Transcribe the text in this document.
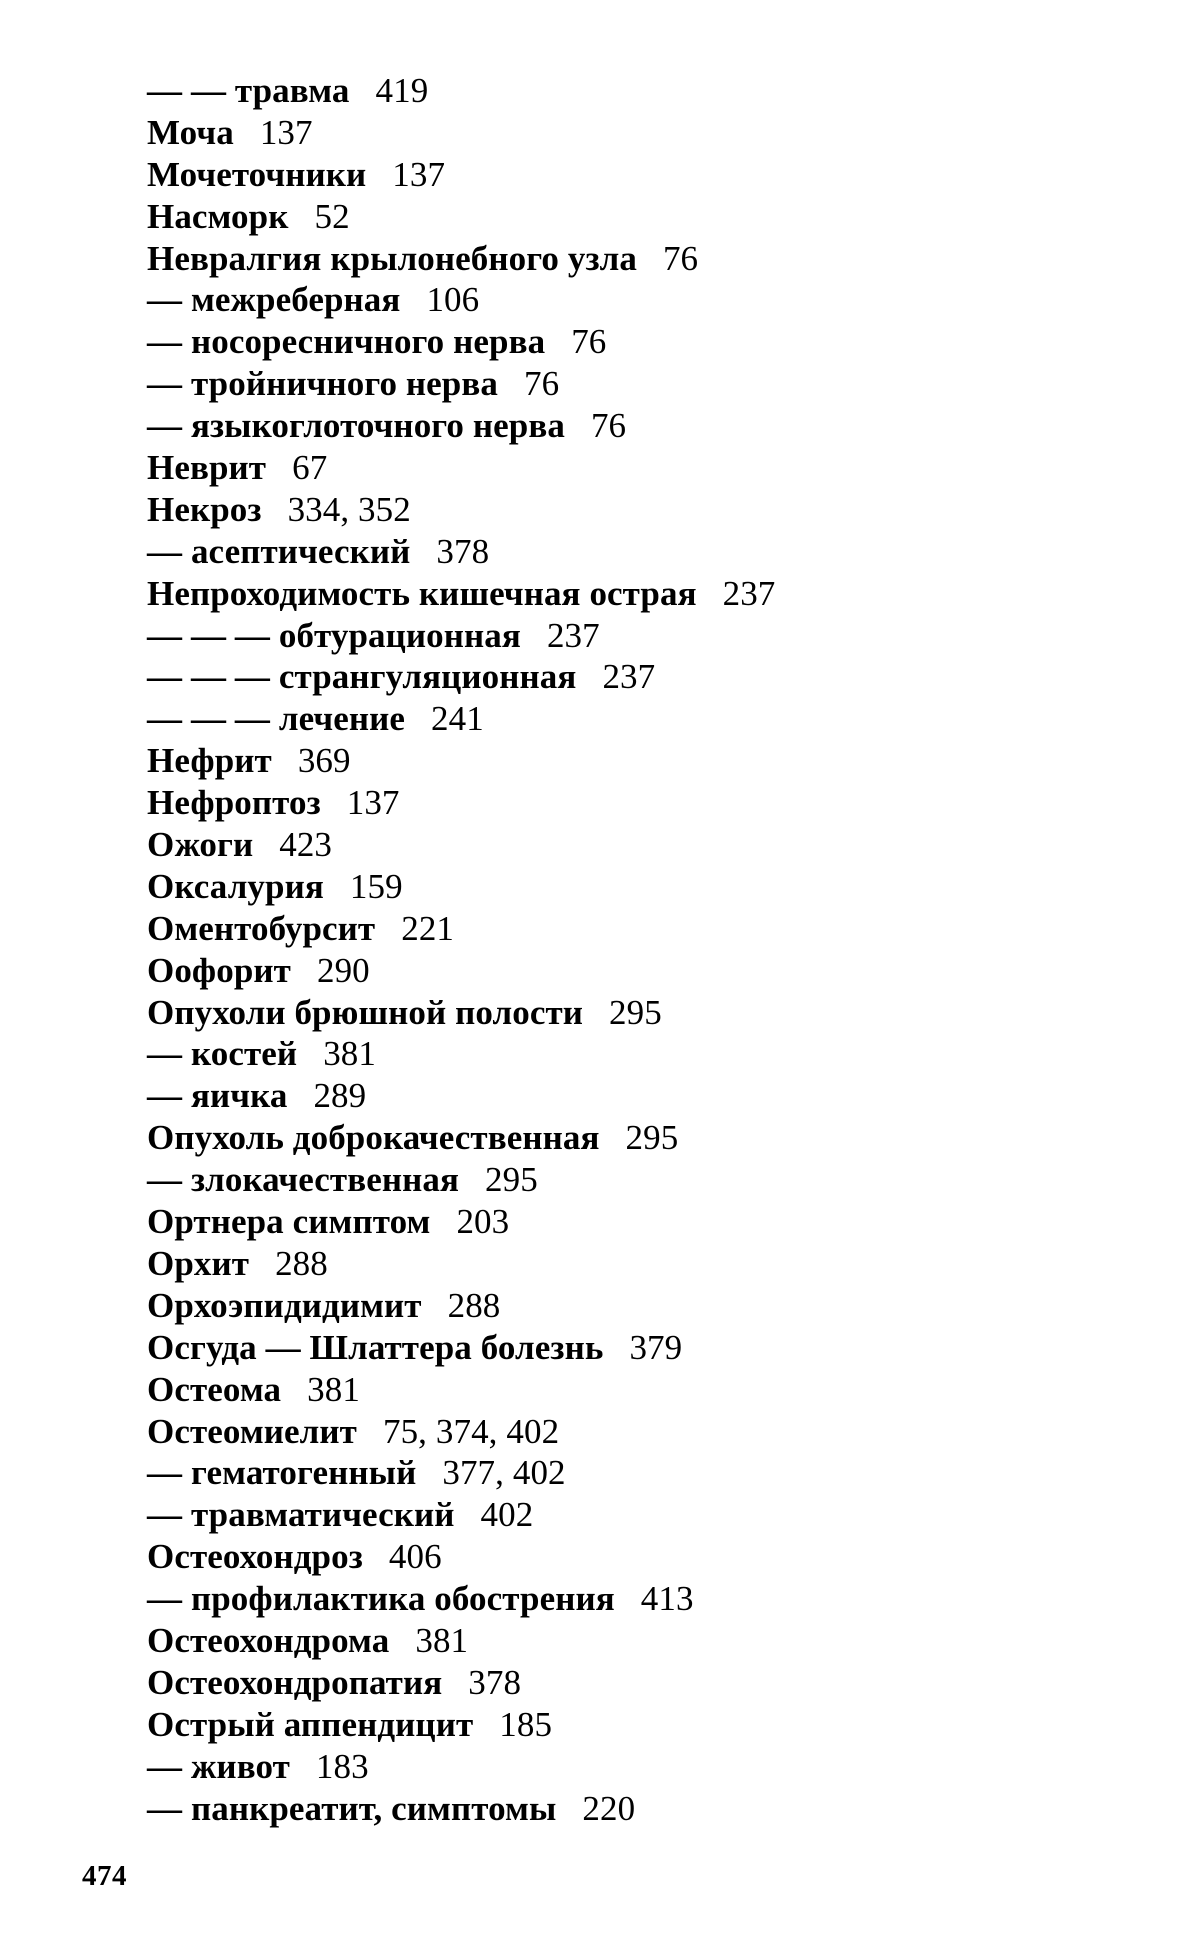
— — травма 419
Моча 137
Мочеточники 137
Насморк 52
Невралгия крылонебного узла 76
— межреберная 106
— носоресничного нерва 76
— тройничного нерва 76
— языкоглоточного нерва 76
Неврит 67
Некроз 334, 352
— асептический 378
Непроходимость кишечная острая 237
— — — обтурационная 237
— — — странгуляционная 237
— — — лечение 241
Нефрит 369
Нефроптоз 137
Ожоги 423
Оксалурия 159
Оментобурсит 221
Оофорит 290
Опухоли брюшной полости 295
— костей 381
— яичка 289
Опухоль доброкачественная 295
— злокачественная 295
Ортнера симптом 203
Орхит 288
Орхоэпидидимит 288
Осгуда — Шлаттера болезнь 379
Остеома 381
Остеомиелит 75, 374, 402
— гематогенный 377, 402
— травматический 402
Остеохондроз 406
— профилактика обострения 413
Остеохондрома 381
Остеохондропатия 378
Острый аппендицит 185
— живот 183
— панкреатит, симптомы 220
474
